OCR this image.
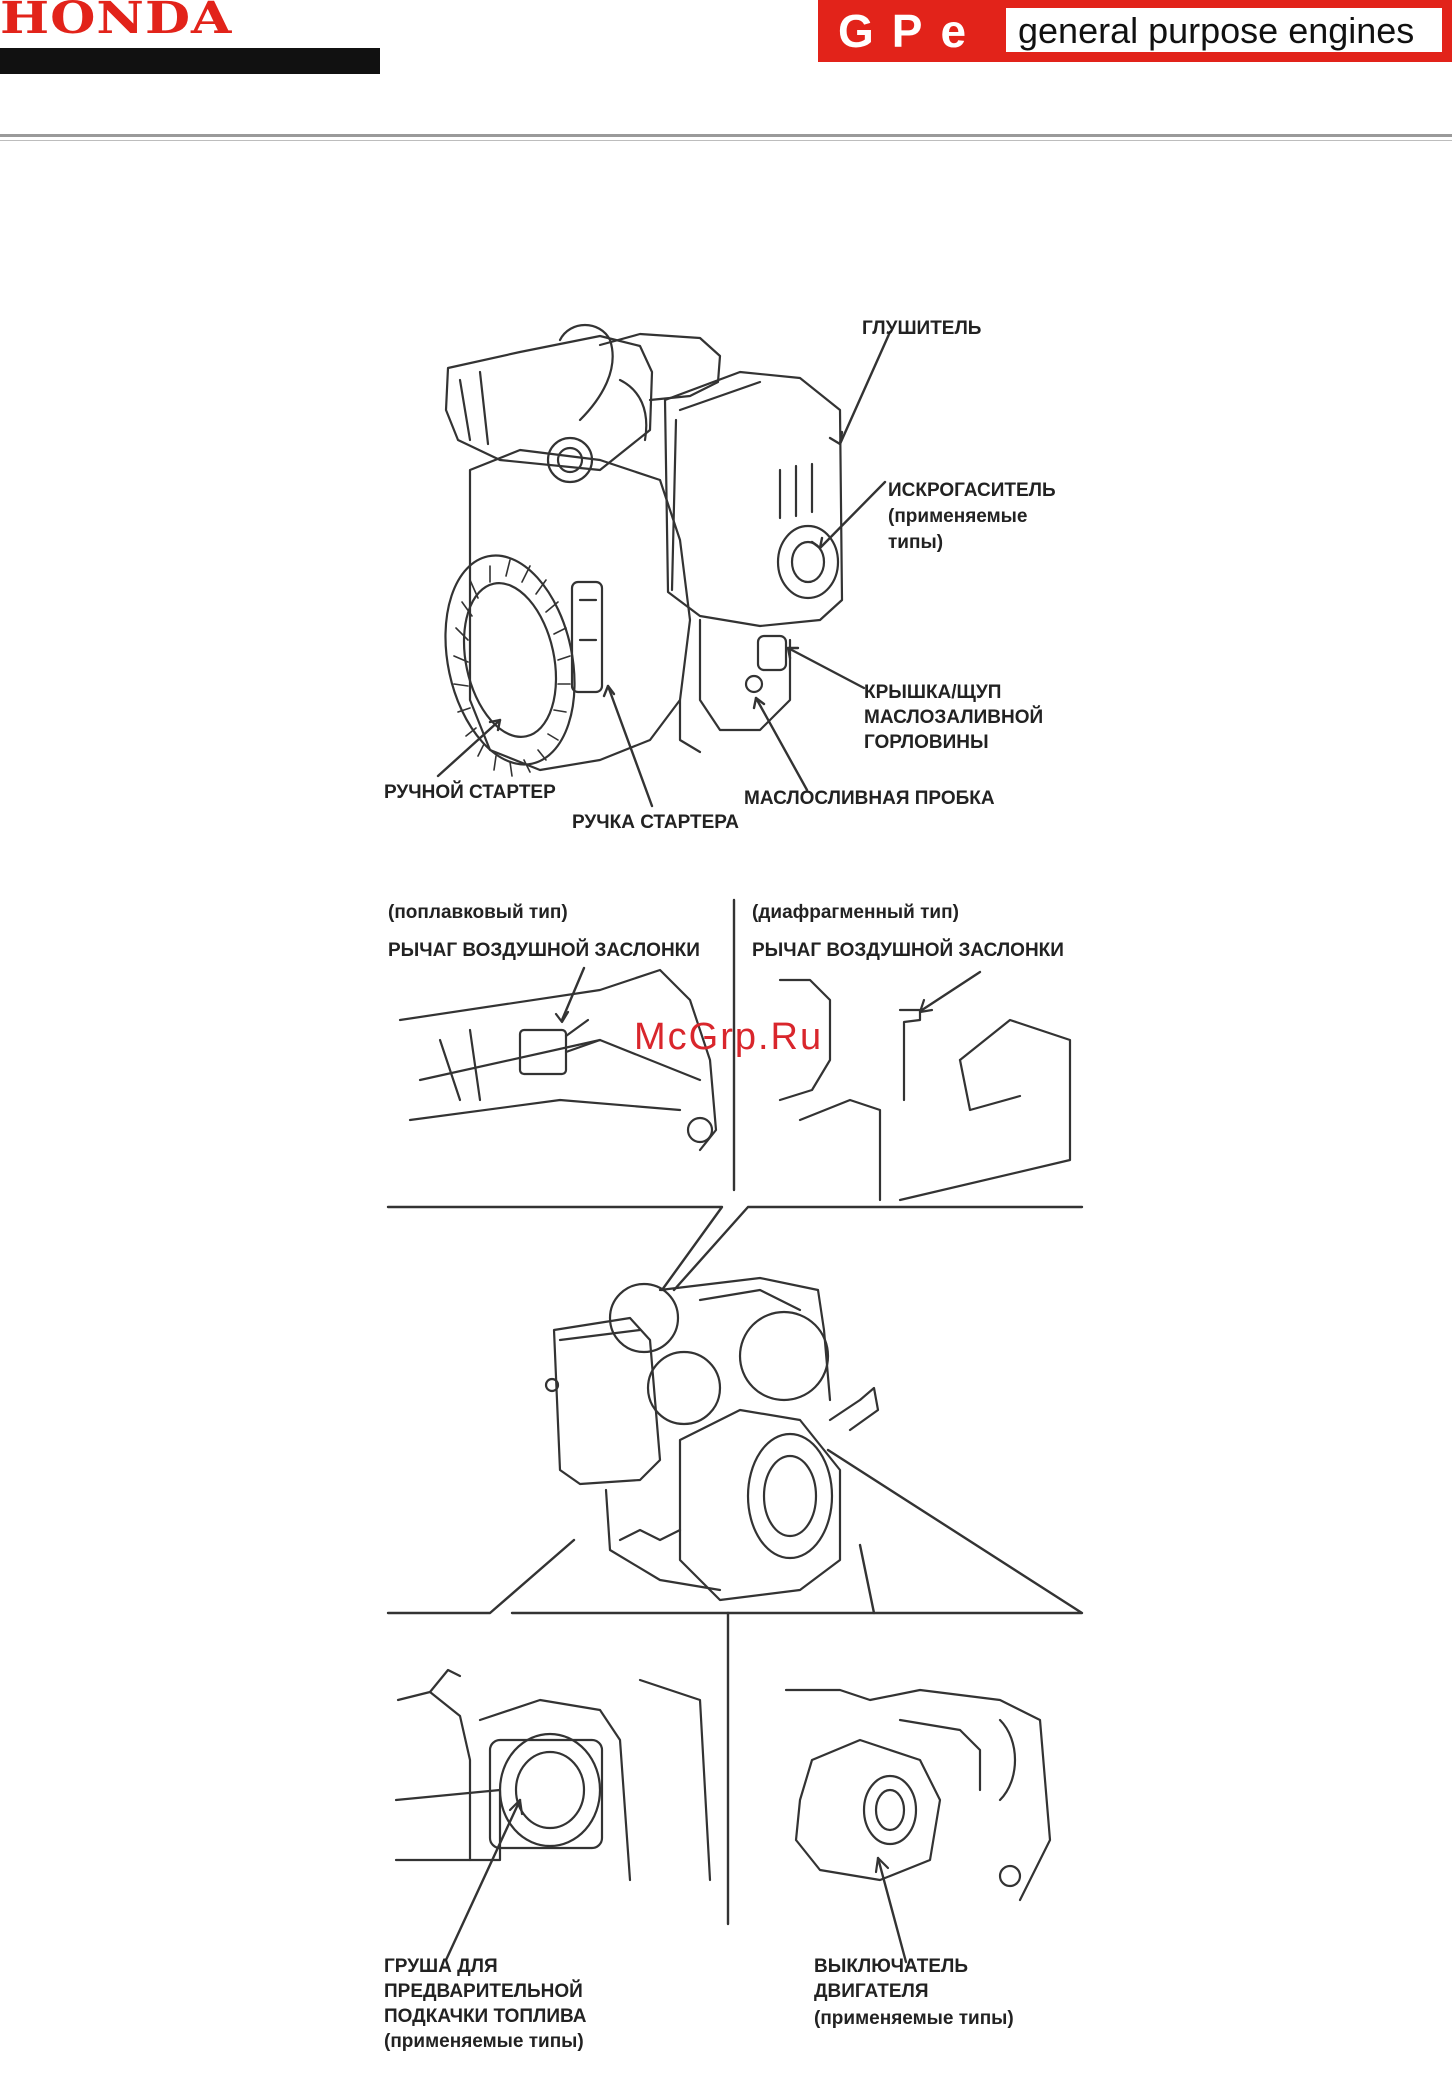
HONDA	GPe general purpose engines
ГЛУШИТЕЛЬ
ИСКРОГАСИТЕЛЬ
(применяемые
типы)
КРЫШКА/ЩУП
МАСЛОЗАЛИВНОЙ
ГОРЛОВИНЫ
РУЧНОЙ СТАРТЕР
РУЧКА СТАРТЕРА
МАСЛОСЛИВНАЯ ПРОБКА
(поплавковый тип)
РЫЧАГ ВОЗДУШНОЙ ЗАСЛОНКИ
(диафрагменный тип)
РЫЧАГ ВОЗДУШНОЙ ЗАСЛОНКИ
McGrp.Ru
ГРУША ДЛЯ
ПРЕДВАРИТЕЛЬНОЙ
ПОДКАЧКИ ТОПЛИВА
(применяемые типы)
ВЫКЛЮЧАТЕЛЬ
ДВИГАТЕЛЯ
(применяемые типы)
